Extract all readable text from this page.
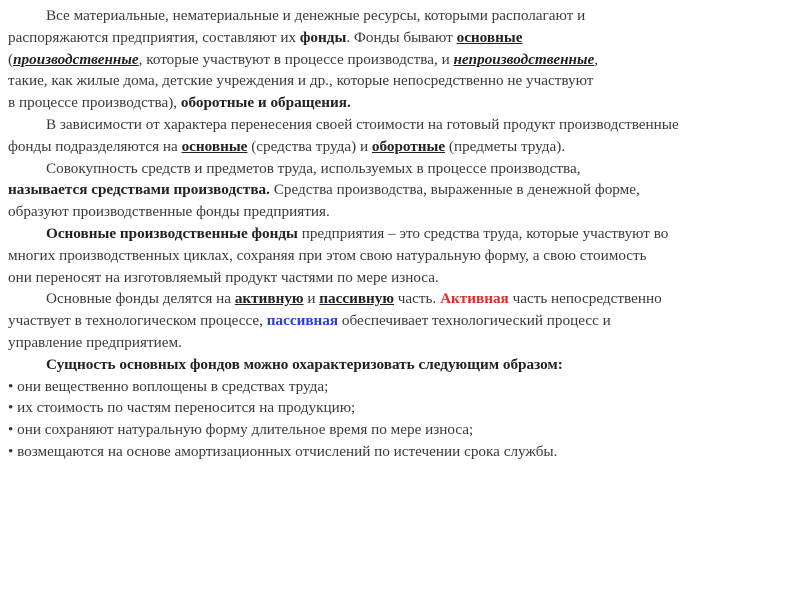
Все материальные, нематериальные и денежные ресурсы, которыми располагают и
распоряжаются предприятия, составляют их фонды. Фонды бывают основные
(производственные, которые участвуют в процессе производства, и непроизводственные,
такие, как жилые дома, детские учреждения и др., которые непосредственно не участвуют
в процессе производства), оборотные и обращения.
В зависимости от характера перенесения своей стоимости на готовый продукт производственные
фонды подразделяются на основные (средства труда) и оборотные (предметы труда).
Совокупность средств и предметов труда, используемых в процессе производства,
называется средствами производства. Средства производства, выраженные в денежной форме,
образуют производственные фонды предприятия.
Основные производственные фонды предприятия – это средства труда, которые участвуют во
многих производственных циклах, сохраняя при этом свою натуральную форму, а свою стоимость
они переносят на изготовляемый продукт частями по мере износа.
Основные фонды делятся на активную и пассивную часть. Активная часть непосредственно
участвует в технологическом процессе, пассивная обеспечивает технологический процесс и
управление предприятием.
Сущность основных фондов можно охарактеризовать следующим образом:
• они вещественно воплощены в средствах труда;
• их стоимость по частям переносится на продукцию;
• они сохраняют натуральную форму длительное время по мере износа;
• возмещаются на основе амортизационных отчислений по истечении срока службы.
